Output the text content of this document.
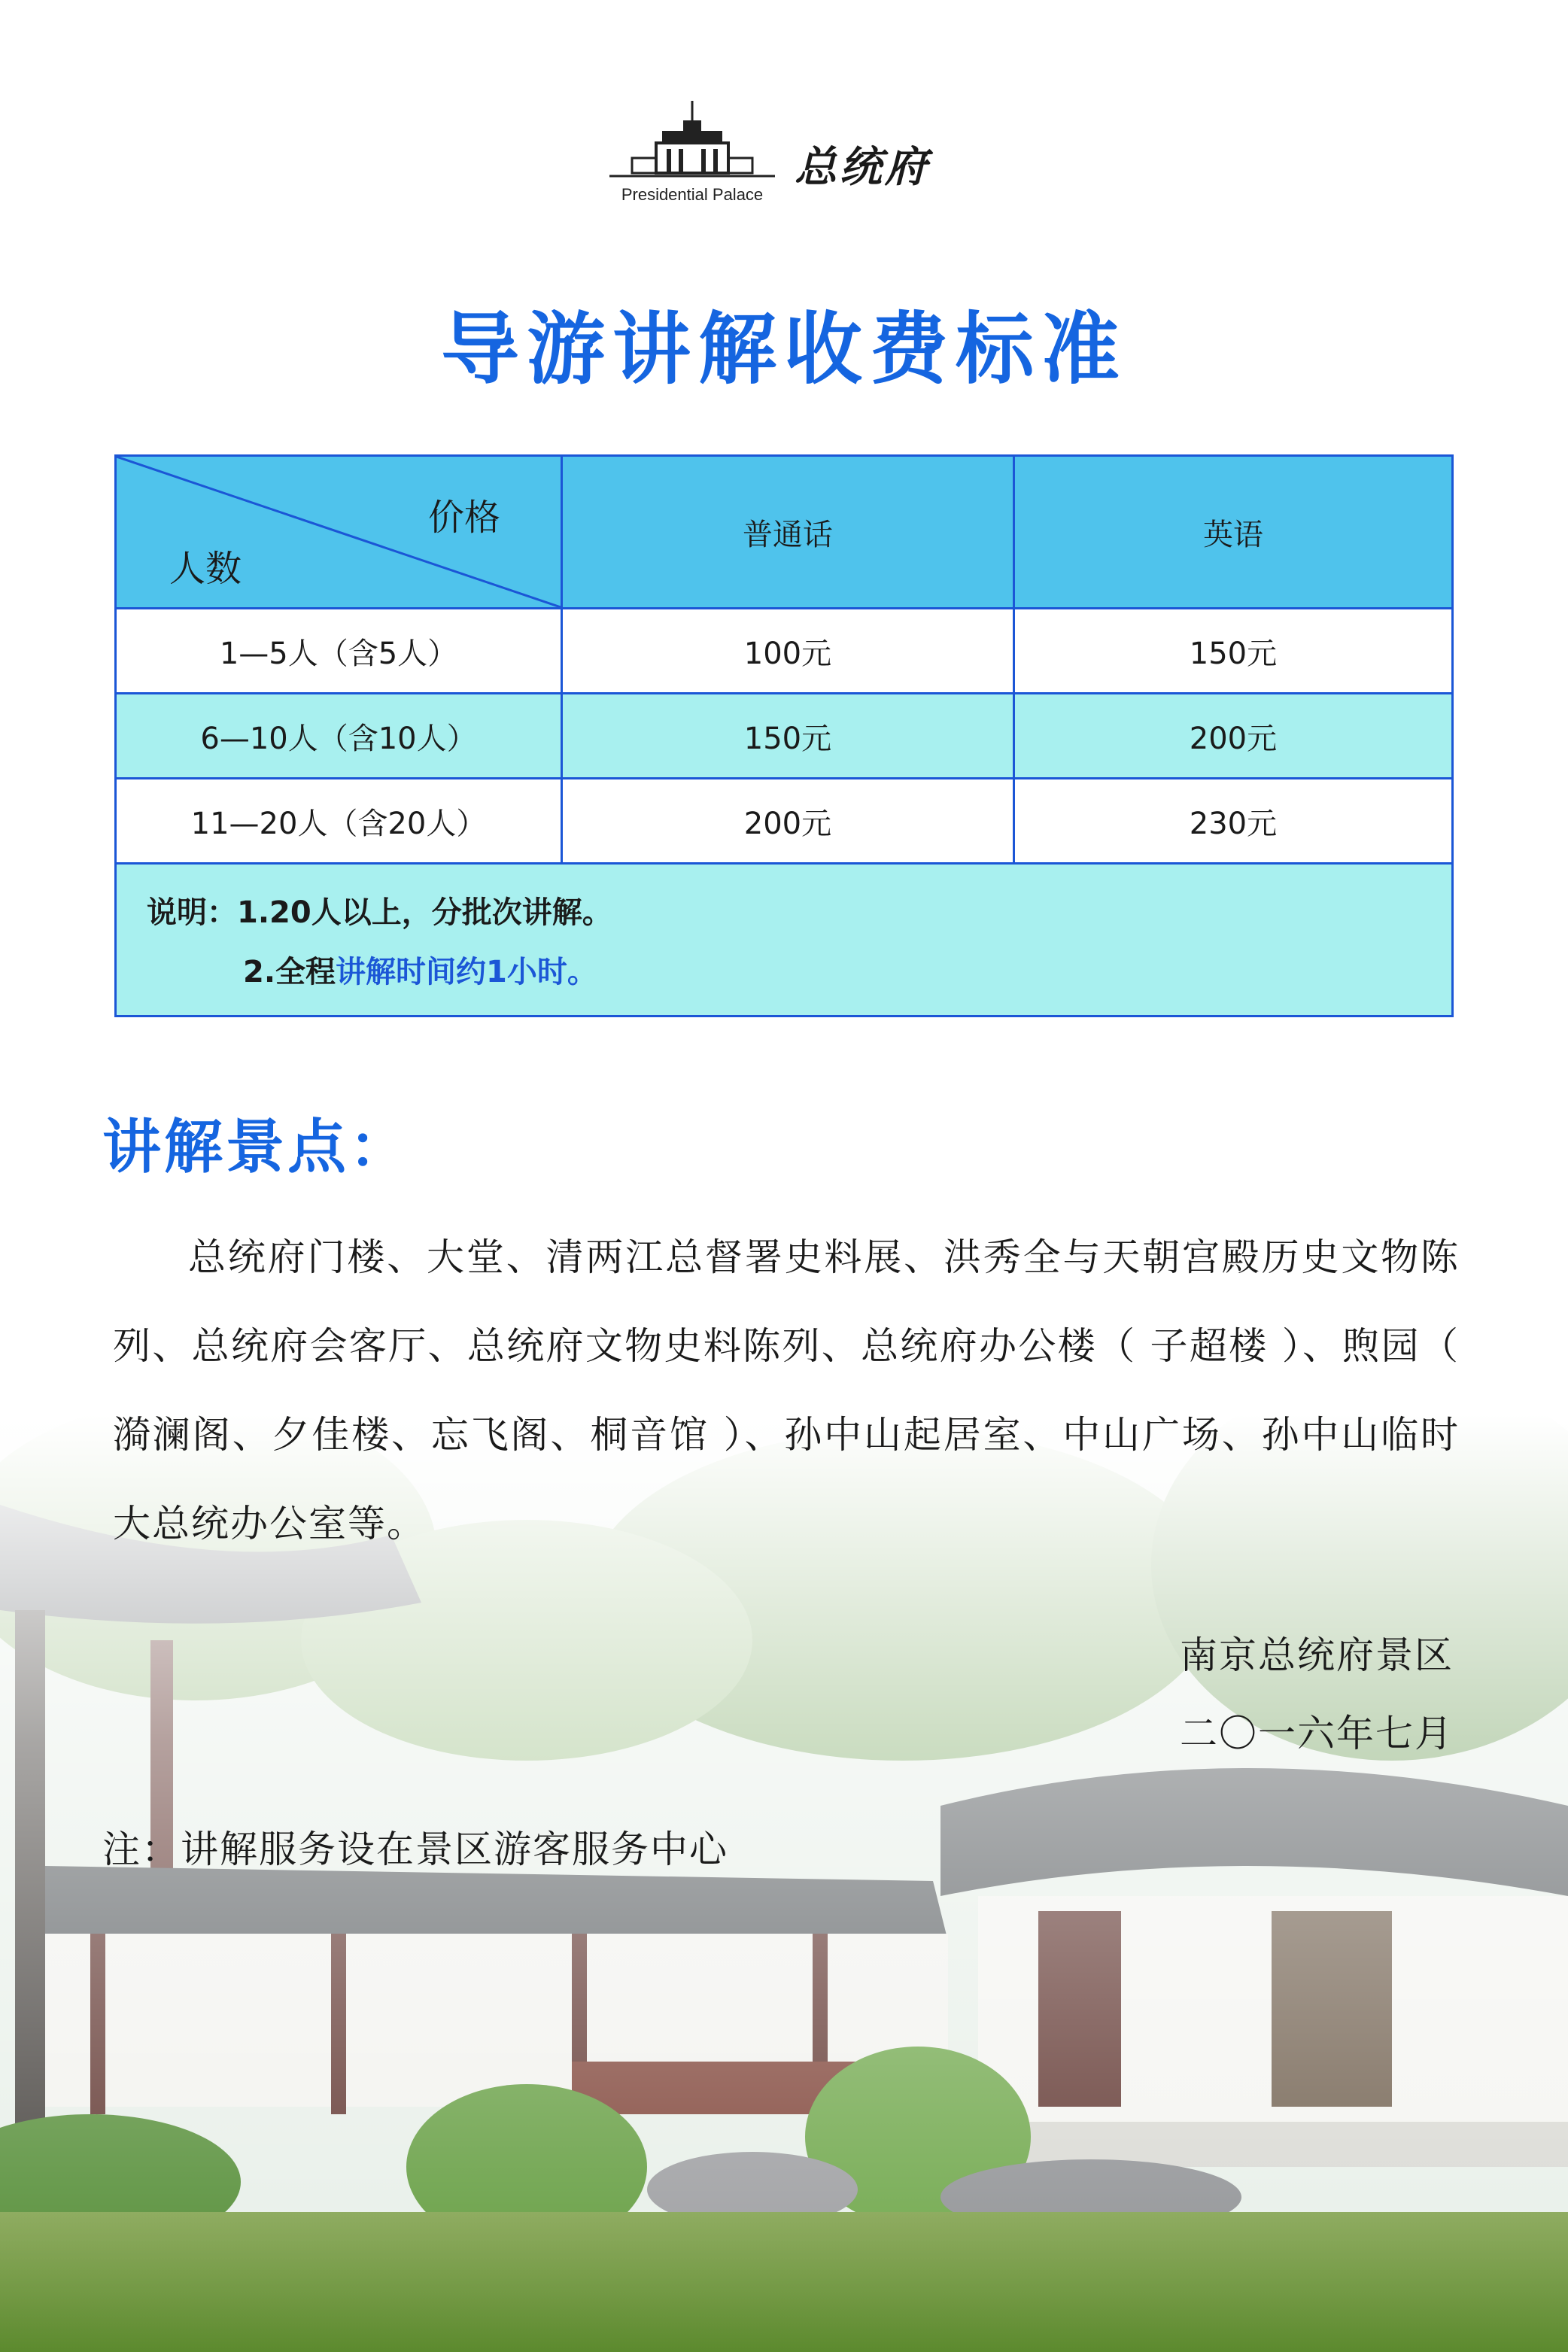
Presidential Palace
总统府
导游讲解收费标准
价格
人数	普通话	英语
1—5人（含5人）	100元	150元
6—10人（含10人）	150元	200元
11—20人（含20人）	200元	230元

说明：1.20人以上，分批次讲解。
2.全程讲解时间约1小时。		
讲解景点：
总统府门楼、大堂、清两江总督署史料展、洪秀全与天朝宫殿历史文物陈列、总统府会客厅、总统府文物史料陈列、总统府办公楼（ 子超楼 ）、煦园（ 漪澜阁、夕佳楼、忘飞阁、桐音馆 ）、孙中山起居室、中山广场、孙中山临时大总统办公室等。
南京总统府景区
二〇一六年七月
注：讲解服务设在景区游客服务中心
